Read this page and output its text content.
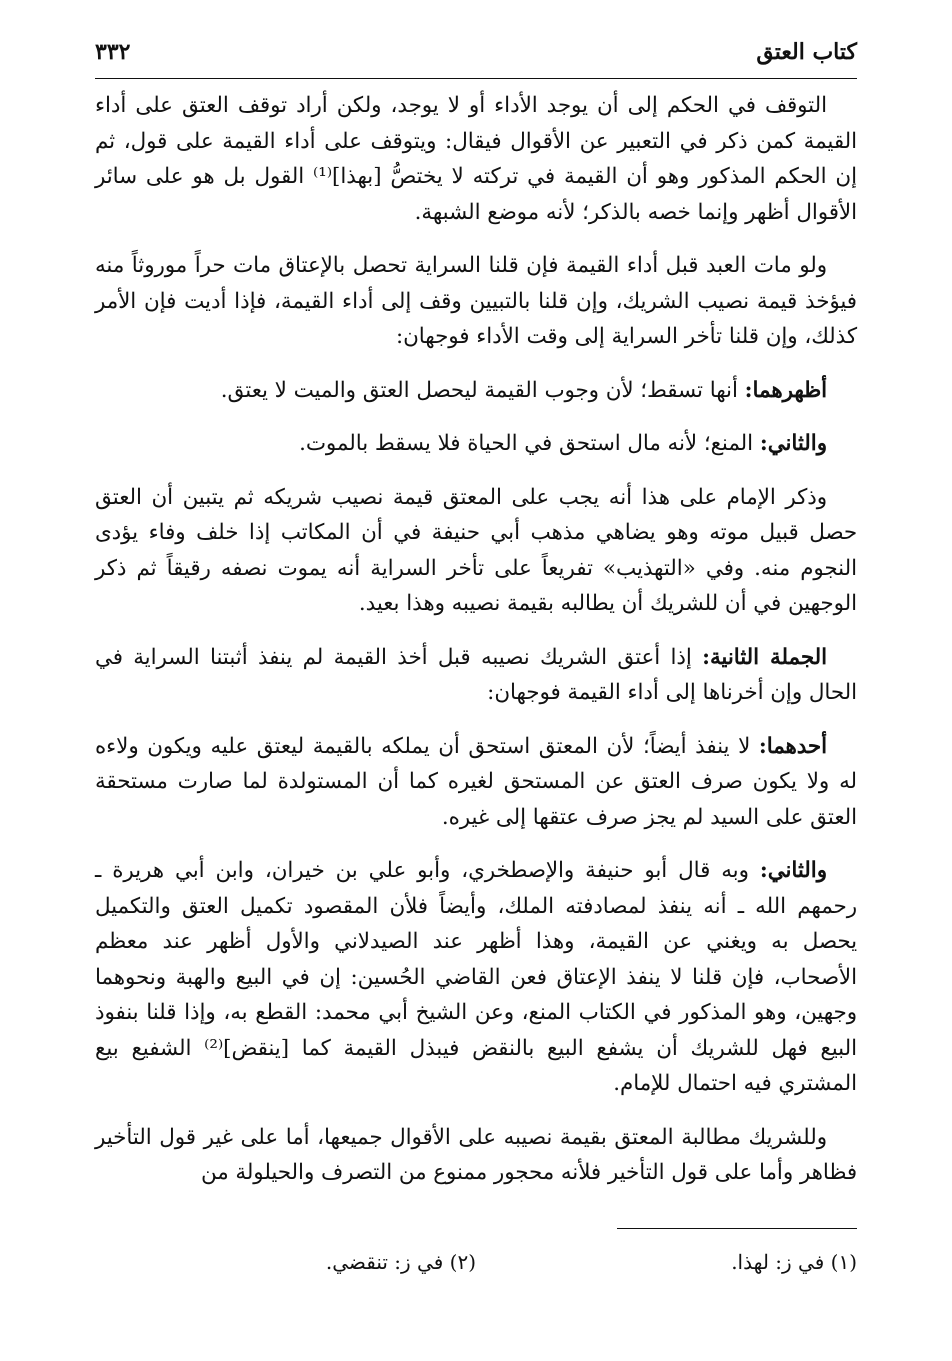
٣٣٢	كتاب العتق

التوقف في الحكم إلى أن يوجد الأداء أو لا يوجد، ولكن أراد توقف العتق على أداء القيمة كمن ذكر في التعبير عن الأقوال فيقال: ويتوقف على أداء القيمة على قول، ثم إن الحكم المذكور وهو أن القيمة في تركته لا يختصُّ [بهذا]⁽¹⁾ القول بل هو على سائر الأقوال أظهر وإنما خصه بالذكر؛ لأنه موضع الشبهة.

ولو مات العبد قبل أداء القيمة فإن قلنا السراية تحصل بالإعتاق مات حراً موروثاً منه فيؤخذ قيمة نصيب الشريك، وإن قلنا بالتبيين وقف إلى أداء القيمة، فإذا أديت فإن الأمر كذلك، وإن قلنا تأخر السراية إلى وقت الأداء فوجهان:

أظهرهما: أنها تسقط؛ لأن وجوب القيمة ليحصل العتق والميت لا يعتق.

والثاني: المنع؛ لأنه مال استحق في الحياة فلا يسقط بالموت.

وذكر الإمام على هذا أنه يجب على المعتق قيمة نصيب شريكه ثم يتبين أن العتق حصل قبيل موته وهو يضاهي مذهب أبي حنيفة في أن المكاتب إذا خلف وفاء يؤدى النجوم منه. وفي «التهذيب» تفريعاً على تأخر السراية أنه يموت نصفه رقيقاً ثم ذكر الوجهين في أن للشريك أن يطالبه بقيمة نصيبه وهذا بعيد.

الجملة الثانية: إذا أعتق الشريك نصيبه قبل أخذ القيمة لم ينفذ أثبتنا السراية في الحال وإن أخرناها إلى أداء القيمة فوجهان:

أحدهما: لا ينفذ أيضاً؛ لأن المعتق استحق أن يملكه بالقيمة ليعتق عليه ويكون ولاءه له ولا يكون صرف العتق عن المستحق لغيره كما أن المستولدة لما صارت مستحقة العتق على السيد لم يجز صرف عتقها إلى غيره.

والثاني: وبه قال أبو حنيفة والإصطخري، وأبو علي بن خيران، وابن أبي هريرة ـ رحمهم الله ـ أنه ينفذ لمصادفته الملك، وأيضاً فلأن المقصود تكميل العتق والتكميل يحصل به ويغني عن القيمة، وهذا أظهر عند الصيدلاني والأول أظهر عند معظم الأصحاب، فإن قلنا لا ينفذ الإعتاق فعن القاضي الحُسين: إن في البيع والهبة ونحوهما وجهين، وهو المذكور في الكتاب المنع، وعن الشيخ أبي محمد: القطع به، وإذا قلنا بنفوذ البيع فهل للشريك أن يشفع البيع بالنقض فيبذل القيمة كما [ينقض]⁽²⁾ الشفيع بيع المشتري فيه احتمال للإمام.

وللشريك مطالبة المعتق بقيمة نصيبه على الأقوال جميعها، أما على غير قول التأخير فظاهر وأما على قول التأخير فلأنه محجور ممنوع من التصرف والحيلولة من

(١) في ز: لهذا.
(٢) في ز: تنقضي.
